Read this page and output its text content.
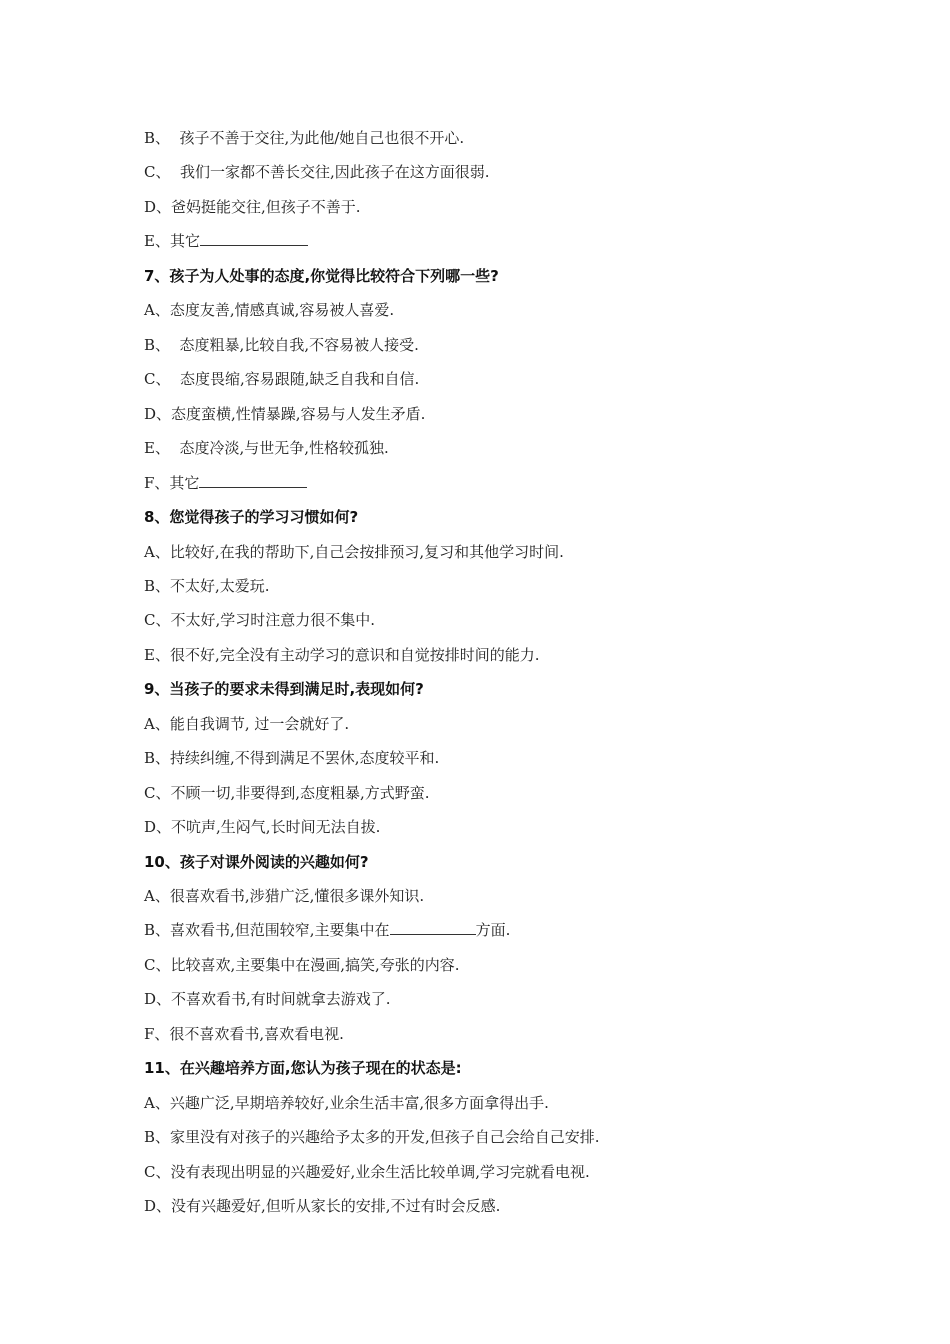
B、  孩子不善于交往,为此他/她自己也很不开心.
C、  我们一家都不善长交往,因此孩子在这方面很弱.
D、爸妈挺能交往,但孩子不善于.
E、其它
7、孩子为人处事的态度,你觉得比较符合下列哪一些?
A、态度友善,情感真诚,容易被人喜爱.
B、  态度粗暴,比较自我,不容易被人接受.
C、  态度畏缩,容易跟随,缺乏自我和自信.
D、态度蛮横,性情暴躁,容易与人发生矛盾.
E、  态度冷淡,与世无争,性格较孤独.
F、其它
8、您觉得孩子的学习习惯如何?
A、比较好,在我的帮助下,自己会按排预习,复习和其他学习时间.
B、不太好,太爱玩.
C、不太好,学习时注意力很不集中.
E、很不好,完全没有主动学习的意识和自觉按排时间的能力.
9、当孩子的要求未得到满足时,表现如何?
A、能自我调节, 过一会就好了.
B、持续纠缠,不得到满足不罢休,态度较平和.
C、不顾一切,非要得到,态度粗暴,方式野蛮.
D、不吭声,生闷气,长时间无法自拔.
10、孩子对课外阅读的兴趣如何?
A、很喜欢看书,涉猎广泛,懂很多课外知识.
B、喜欢看书,但范围较窄,主要集中在	方面.
C、比较喜欢,主要集中在漫画,搞笑,夸张的内容.
D、不喜欢看书,有时间就拿去游戏了.
F、很不喜欢看书,喜欢看电视.
11、在兴趣培养方面,您认为孩子现在的状态是:
A、兴趣广泛,早期培养较好,业余生活丰富,很多方面拿得出手.
B、家里没有对孩子的兴趣给予太多的开发,但孩子自己会给自己安排.
C、没有表现出明显的兴趣爱好,业余生活比较单调,学习完就看电视.
D、没有兴趣爱好,但听从家长的安排,不过有时会反感.
